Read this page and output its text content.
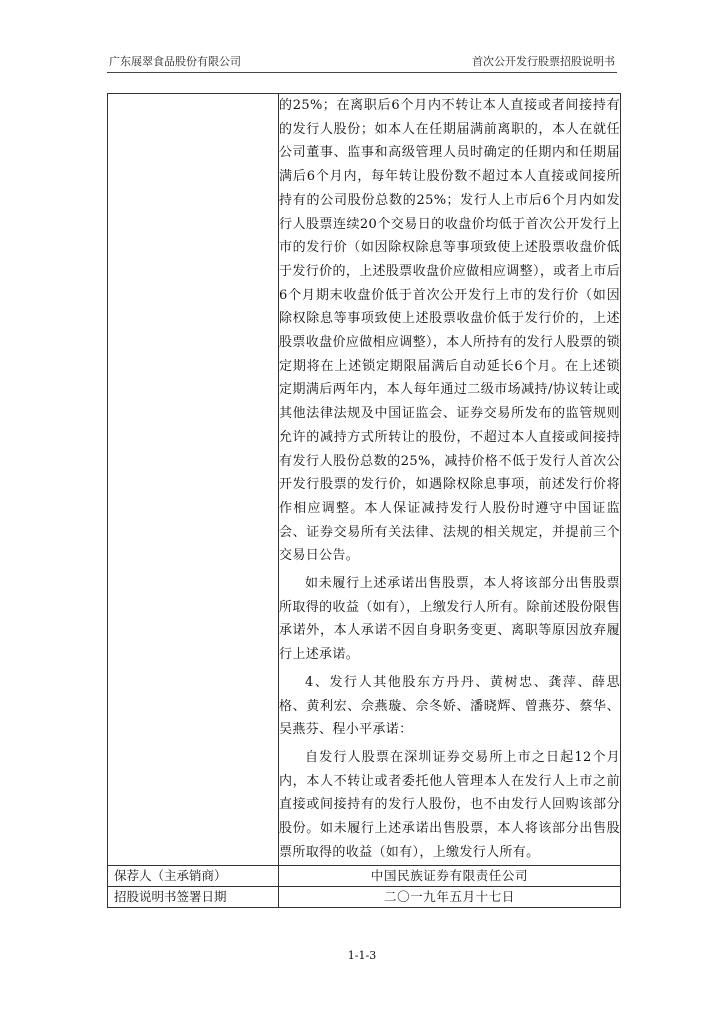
广东展翠食品股份有限公司	首次公开发行股票招股说明书

	的25%；在离职后6个月内不转让本人直接或者间接持有的发行人股份；如本人在任期届满前离职的，本人在就任公司董事、监事和高级管理人员时确定的任期内和任期届满后6个月内，每年转让股份数不超过本人直接或间接所持有的公司股份总数的25%；发行人上市后6个月内如发行人股票连续20个交易日的收盘价均低于首次公开发行上市的发行价（如因除权除息等事项致使上述股票收盘价低于发行价的，上述股票收盘价应做相应调整），或者上市后6个月期末收盘价低于首次公开发行上市的发行价（如因除权除息等事项致使上述股票收盘价低于发行价的，上述股票收盘价应做相应调整），本人所持有的发行人股票的锁定期将在上述锁定期限届满后自动延长6个月。在上述锁定期满后两年内，本人每年通过二级市场减持/协议转让或其他法律法规及中国证监会、证券交易所发布的监管规则允许的减持方式所转让的股份，不超过本人直接或间接持有发行人股份总数的25%，减持价格不低于发行人首次公开发行股票的发行价，如遇除权除息事项，前述发行价将作相应调整。本人保证减持发行人股份时遵守中国证监会、证券交易所有关法律、法规的相关规定，并提前三个交易日公告。

如未履行上述承诺出售股票，本人将该部分出售股票所取得的收益（如有），上缴发行人所有。除前述股份限售承诺外，本人承诺不因自身职务变更、离职等原因放弃履行上述承诺。

4、发行人其他股东方丹丹、黄树忠、龚萍、薛思格、黄利宏、佘燕璇、佘冬娇、潘晓辉、曾燕芬、蔡华、吴燕芬、程小平承诺：

自发行人股票在深圳证券交易所上市之日起12个月内，本人不转让或者委托他人管理本人在发行人上市之前直接或间接持有的发行人股份，也不由发行人回购该部分股份。如未履行上述承诺出售股票，本人将该部分出售股票所取得的收益（如有），上缴发行人所有。

保荐人（主承销商）	中国民族证券有限责任公司
招股说明书签署日期	二〇一九年五月十七日
1-1-3
